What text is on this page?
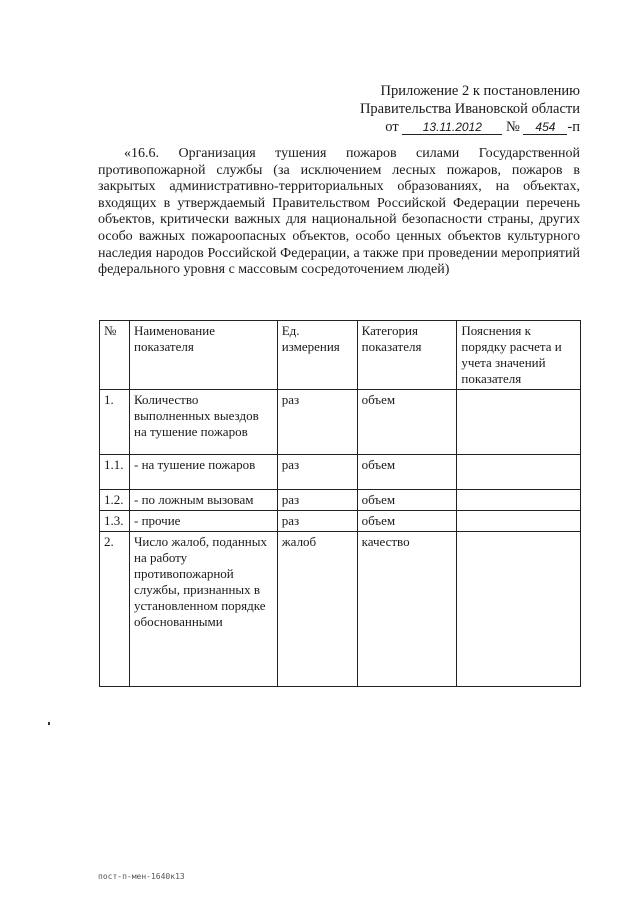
Приложение 2 к постановлению
Правительства Ивановской области
от 13.11.2012 № 454 -п
«16.6. Организация тушения пожаров силами Государственной противопожарной службы (за исключением лесных пожаров, пожаров в закрытых административно-территориальных образованиях, на объектах, входящих в утверждаемый Правительством Российской Федерации перечень объектов, критически важных для национальной безопасности страны, других особо важных пожароопасных объектов, особо ценных объектов культурного наследия народов Российской Федерации, а также при проведении мероприятий федерального уровня с массовым сосредоточением людей)
№	Наименование показателя	Ед. измерения	Категория показателя	Пояснения к порядку расчета и учета значений показателя
1.	Количество выполненных выездов на тушение пожаров	раз	объем	
1.1.	- на тушение пожаров	раз	объем	
1.2.	- по ложным вызовам	раз	объем	
1.3.	- прочие	раз	объем	
2.	Число жалоб, поданных на работу противопожарной службы, признанных в установленном порядке обоснованными	жалоб	качество	
пост-п-мен-1640к13
